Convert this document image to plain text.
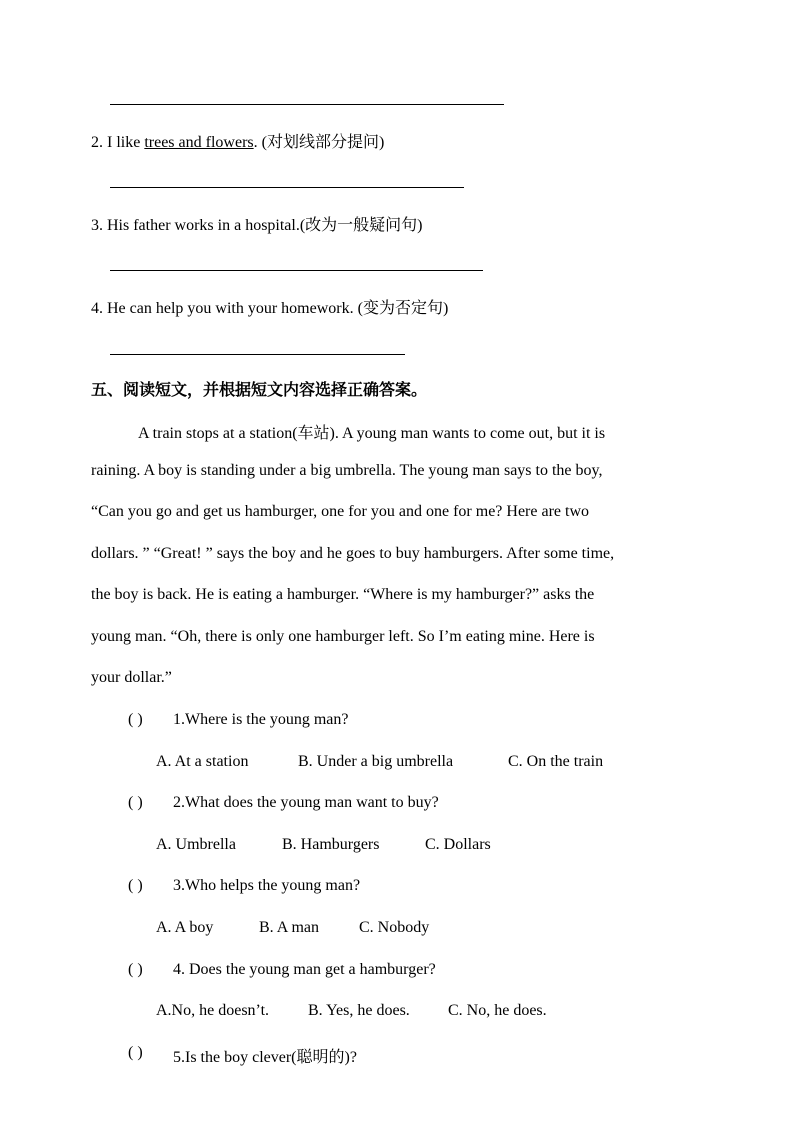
2. I like trees and flowers. (对划线部分提问)
3. His father works in a hospital.(改为一般疑问句)
4. He can help you with your homework. (变为否定句)
五、阅读短文，并根据短文内容选择正确答案。
A train stops at a station(车站). A young man wants to come out, but it is
raining. A boy is standing under a big umbrella. The young man says to the boy,
“Can you go and get us hamburger, one for you and one for me? Here are two
dollars. ” “Great! ” says the boy and he goes to buy hamburgers. After some time,
the boy is back. He is eating a hamburger. “Where is my hamburger?” asks the
young man. “Oh, there is only one hamburger left. So I’m eating mine. Here is
your dollar.”
( ) 1.Where is the young man?
A. At a station	B. Under a big umbrella	C. On the train
( ) 2.What does the young man want to buy?
A. Umbrella	B. Hamburgers	C. Dollars
( ) 3.Who helps the young man?
A. A boy	B. A man C. Nobody
( ) 4. Does the young man get a hamburger?
A.No, he doesn’t. B. Yes, he does. C. No, he does.
( ) 5.Is the boy clever(聪明的)?
